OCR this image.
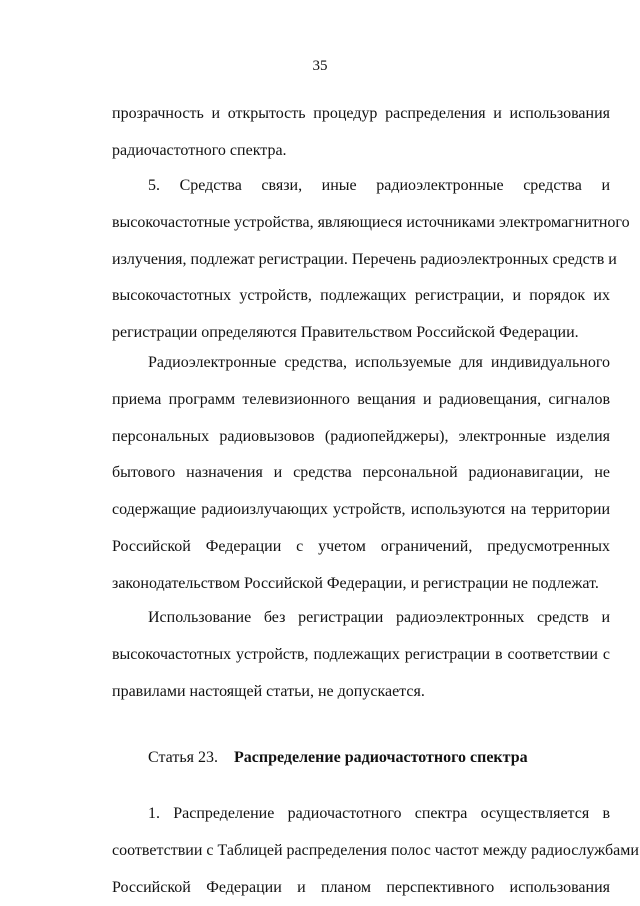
35
прозрачность и открытость процедур распределения и использования
радиочастотного спектра.
5. Средства связи, иные радиоэлектронные средства и
высокочастотные устройства, являющиеся источниками электромагнитного
излучения, подлежат регистрации. Перечень радиоэлектронных средств и
высокочастотных устройств, подлежащих регистрации, и порядок их
регистрации определяются Правительством Российской Федерации.
Радиоэлектронные средства, используемые для индивидуального
приема программ телевизионного вещания и радиовещания, сигналов
персональных радиовызовов (радиопейджеры), электронные изделия
бытового назначения и средства персональной радионавигации, не
содержащие радиоизлучающих устройств, используются на территории
Российской Федерации с учетом ограничений, предусмотренных
законодательством Российской Федерации, и регистрации не подлежат.
Использование без регистрации радиоэлектронных средств и
высокочастотных устройств, подлежащих регистрации в соответствии с
правилами настоящей статьи, не допускается.
Статья 23. Распределение радиочастотного спектра
1. Распределение радиочастотного спектра осуществляется в
соответствии с Таблицей распределения полос частот между радиослужбами
Российской Федерации и планом перспективного использования
